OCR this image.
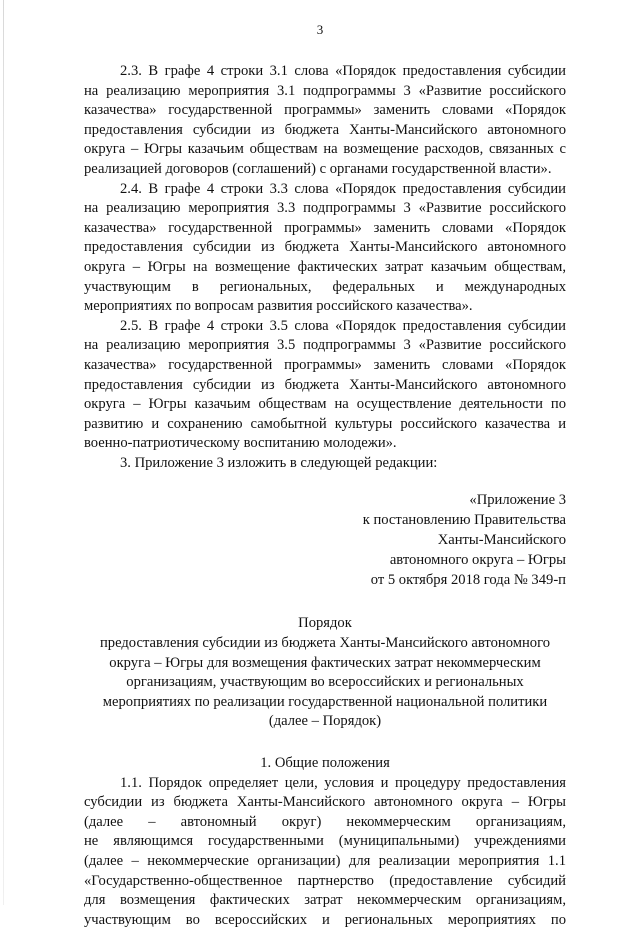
3
2.3. В графе 4 строки 3.1 слова «Порядок предоставления субсидии
на реализацию мероприятия 3.1 подпрограммы 3 «Развитие российского
казачества» государственной программы» заменить словами «Порядок
предоставления субсидии из бюджета Ханты-Мансийского автономного
округа – Югры казачьим обществам на возмещение расходов, связанных с
реализацией договоров (соглашений) с органами государственной власти».
2.4. В графе 4 строки 3.3 слова «Порядок предоставления субсидии
на реализацию мероприятия 3.3 подпрограммы 3 «Развитие российского
казачества» государственной программы» заменить словами «Порядок
предоставления субсидии из бюджета Ханты-Мансийского автономного
округа – Югры на возмещение фактических затрат казачьим обществам,
участвующим в региональных, федеральных и международных
мероприятиях по вопросам развития российского казачества».
2.5. В графе 4 строки 3.5 слова «Порядок предоставления субсидии
на реализацию мероприятия 3.5 подпрограммы 3 «Развитие российского
казачества» государственной программы» заменить словами «Порядок
предоставления субсидии из бюджета Ханты-Мансийского автономного
округа – Югры казачьим обществам на осуществление деятельности по
развитию и сохранению самобытной культуры российского казачества и
военно-патриотическому воспитанию молодежи».
3. Приложение 3 изложить в следующей редакции:
«Приложение 3
к постановлению Правительства
Ханты-Мансийского
автономного округа – Югры
от 5 октября 2018 года № 349-п
Порядок
предоставления субсидии из бюджета Ханты-Мансийского автономного
округа – Югры для возмещения фактических затрат некоммерческим
организациям, участвующим во всероссийских и региональных
мероприятиях по реализации государственной национальной политики
(далее – Порядок)
1. Общие положения
1.1. Порядок определяет цели, условия и процедуру предоставления
субсидии из бюджета Ханты-Мансийского автономного округа – Югры
(далее – автономный округ) некоммерческим организациям,
не являющимся государственными (муниципальными) учреждениями
(далее – некоммерческие организации) для реализации мероприятия 1.1
«Государственно-общественное партнерство (предоставление субсидий
для возмещения фактических затрат некоммерческим организациям,
участвующим во всероссийских и региональных мероприятиях по
